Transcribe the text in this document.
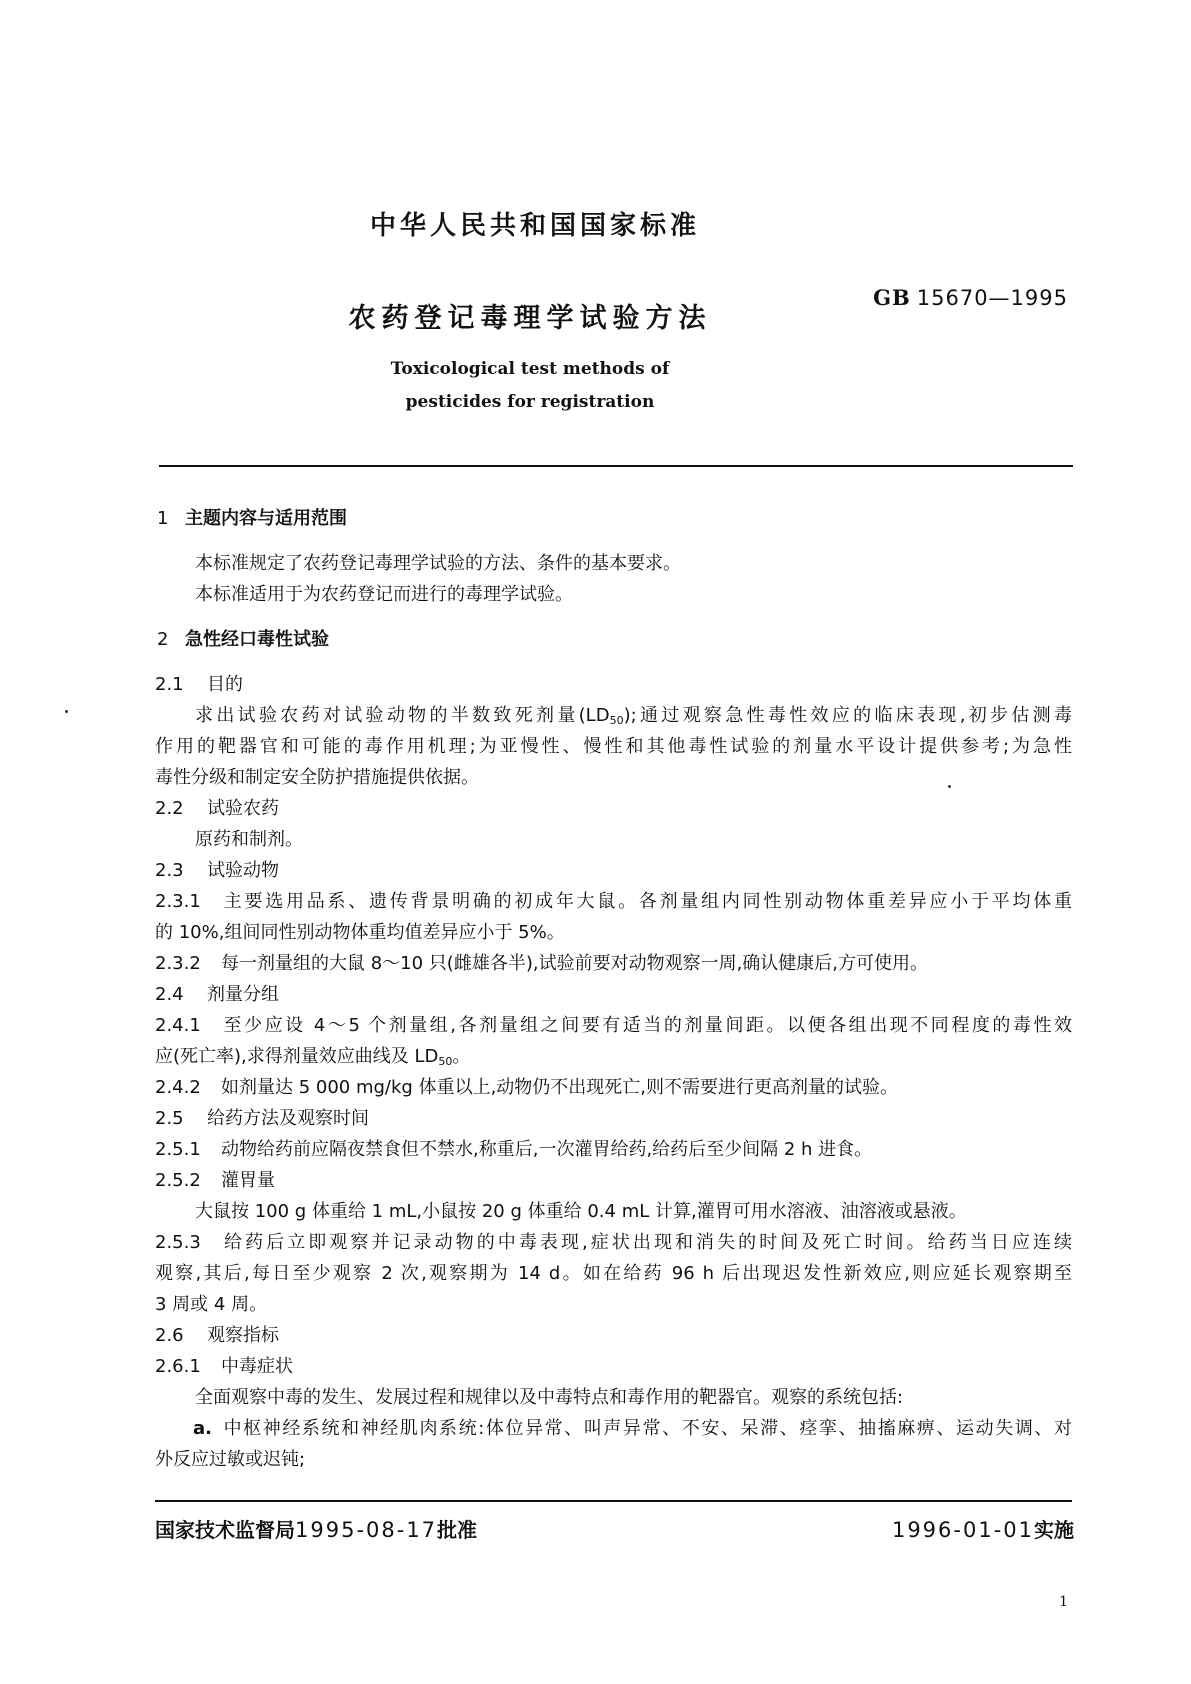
中华人民共和国国家标准
农药登记毒理学试验方法
GB 15670—1995
Toxicological test methods of
pesticides for registration
1 主题内容与适用范围
本标准规定了农药登记毒理学试验的方法、条件的基本要求。
本标准适用于为农药登记而进行的毒理学试验。
2 急性经口毒性试验
2.1 目的
求出试验农药对试验动物的半数致死剂量$(LD_{50})$;通过观察急性毒性效应的临床表现,初步估测毒
作用的靶器官和可能的毒作用机理;为亚慢性、慢性和其他毒性试验的剂量水平设计提供参考;为急性
毒性分级和制定安全防护措施提供依据。
2.2 试验农药
原药和制剂。
2.3 试验动物
2.3.1 主要选用品系、遗传背景明确的初成年大鼠。各剂量组内同性别动物体重差异应小于平均体重
的 10%,组间同性别动物体重均值差异应小于 5%。
2.3.2 每一剂量组的大鼠 8～10 只(雌雄各半),试验前要对动物观察一周,确认健康后,方可使用。
2.4 剂量分组
2.4.1 至少应设 4～5 个剂量组,各剂量组之间要有适当的剂量间距。以便各组出现不同程度的毒性效
应(死亡率),求得剂量效应曲线及 $LD_{50}$。
2.4.2 如剂量达 5 000 mg/kg 体重以上,动物仍不出现死亡,则不需要进行更高剂量的试验。
2.5 给药方法及观察时间
2.5.1 动物给药前应隔夜禁食但不禁水,称重后,一次灌胃给药,给药后至少间隔 2 h 进食。
2.5.2 灌胃量
大鼠按 100 g 体重给 1 mL,小鼠按 20 g 体重给 0.4 mL 计算,灌胃可用水溶液、油溶液或悬液。
2.5.3 给药后立即观察并记录动物的中毒表现,症状出现和消失的时间及死亡时间。给药当日应连续
观察,其后,每日至少观察 2 次,观察期为 14 d。如在给药 96 h 后出现迟发性新效应,则应延长观察期至
3 周或 4 周。
2.6 观察指标
2.6.1 中毒症状
全面观察中毒的发生、发展过程和规律以及中毒特点和毒作用的靶器官。观察的系统包括:
a. 中枢神经系统和神经肌肉系统:体位异常、叫声异常、不安、呆滞、痉挛、抽搐麻痹、运动失调、对
外反应过敏或迟钝;
国家技术监督局1995-08-17批准	1996-01-01实施
1
